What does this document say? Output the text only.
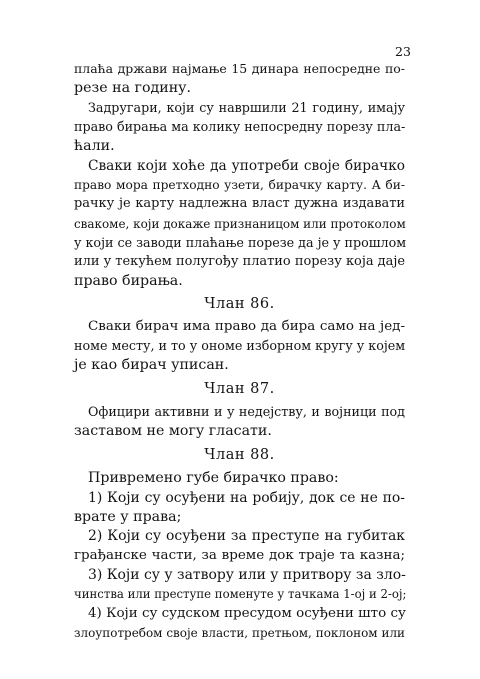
23

плаћа држави најмање 15 динара непосредне по-

резе на годину.

Задругари, који су навршили 21 годину, имају

право бирања ма колику непосредну порезу пла-

ћали.

Сваки који хоће да употреби своје бирачко

право мора претходно узети, бирачку карту. А би-

рачку је карту надлежна власт дужна издавати

свакоме, који докаже признаницом или протоколом

у који се заводи плаћање порезе да је у прошлом

или у текућем полугођу платио порезу која даје

право бирања.

Члан 86.

Сваки бирач има право да бира само на јед-

номе месту, и то у ономе изборном кругу у којем

је као бирач уписан.

Члан 87.

Официри активни и у недејству, и војници под

заставом не могу гласати.

Члан 88.

Привремено губе бирачко право:

1) Који су осуђени на робију, док се не по-

врате у права;

2) Који су осуђени за преступе на губитак

грађанске части, за време док траје та казна;

3) Који су у затвору или у притвору за зло-

чинства или преступе поменуте у тачкама 1-ој и 2-ој;

4) Који су судском пресудом осуђени што су

злоупотребом своје власти, претњом, поклоном или
